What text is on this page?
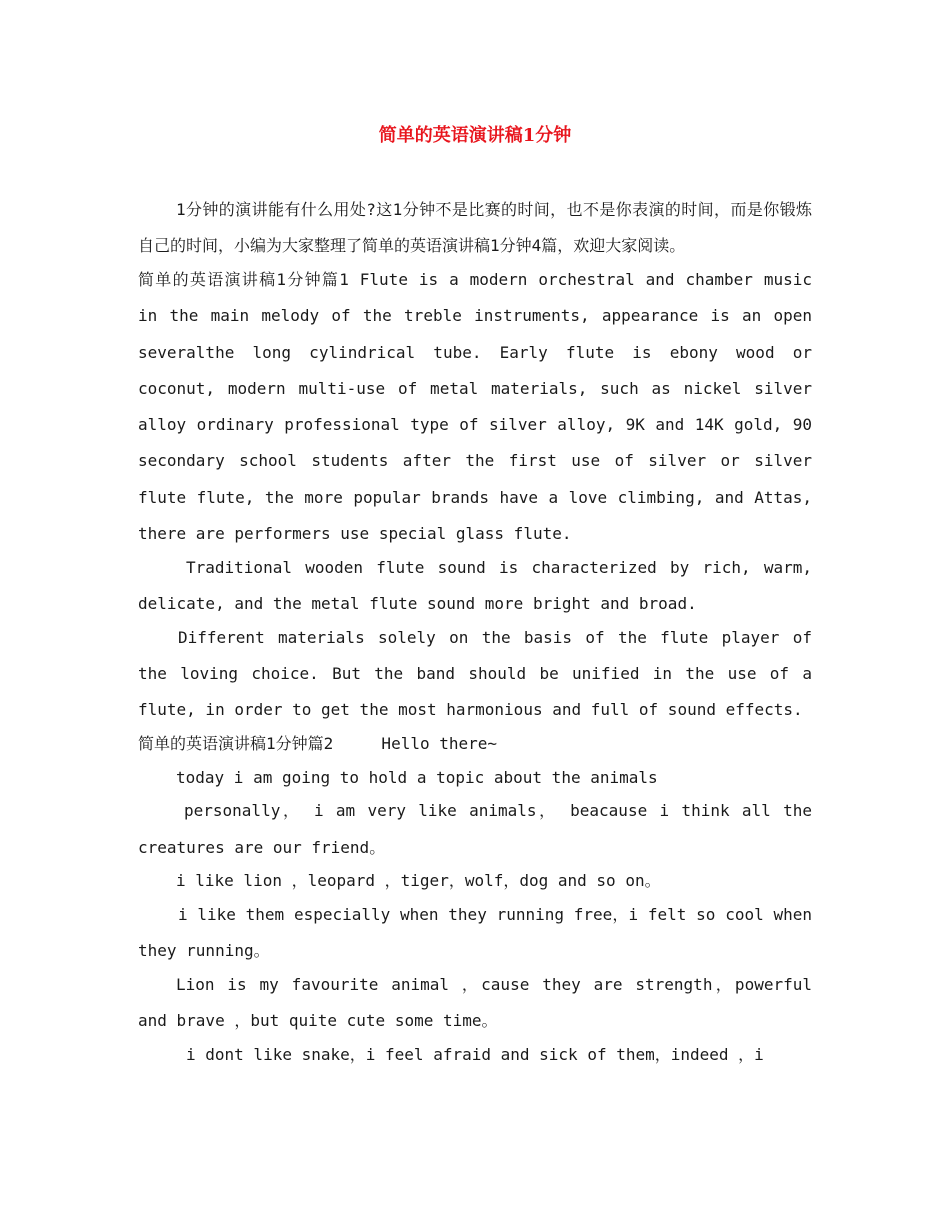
简单的英语演讲稿1分钟

1分钟的演讲能有什么用处?这1分钟不是比赛的时间，也不是你表演的时间，而是你锻炼自己的时间，小编为大家整理了简单的英语演讲稿1分钟4篇，欢迎大家阅读。

简单的英语演讲稿1分钟篇1 Flute is a modern orchestral and chamber music in the main melody of the treble instruments, appearance is an open severalthe long cylindrical tube. Early flute is ebony wood or coconut, modern multi-use of metal materials, such as nickel silver alloy ordinary professional type of silver alloy, 9K and 14K gold, 90 secondary school students after the first use of silver or silver flute flute, the more popular brands have a love climbing, and Attas, there are performers use special glass flute.

Traditional wooden flute sound is characterized by rich, warm, delicate, and the metal flute sound more bright and broad.

Different materials solely on the basis of the flute player of the loving choice. But the band should be unified in the use of a flute, in order to get the most harmonious and full of sound effects.

简单的英语演讲稿1分钟篇2     Hello there~

today i am going to hold a topic about the animals

personally， i am very like animals， beacause i think all the creatures are our friend。

i like lion ，leopard ，tiger，wolf，dog and so on。

i like them especially when they running free，i felt so cool when they running。

Lion is my favourite animal ，cause they are strength，powerful and brave ，but quite cute some time。

i dont like snake，i feel afraid and sick of them，indeed ，i
